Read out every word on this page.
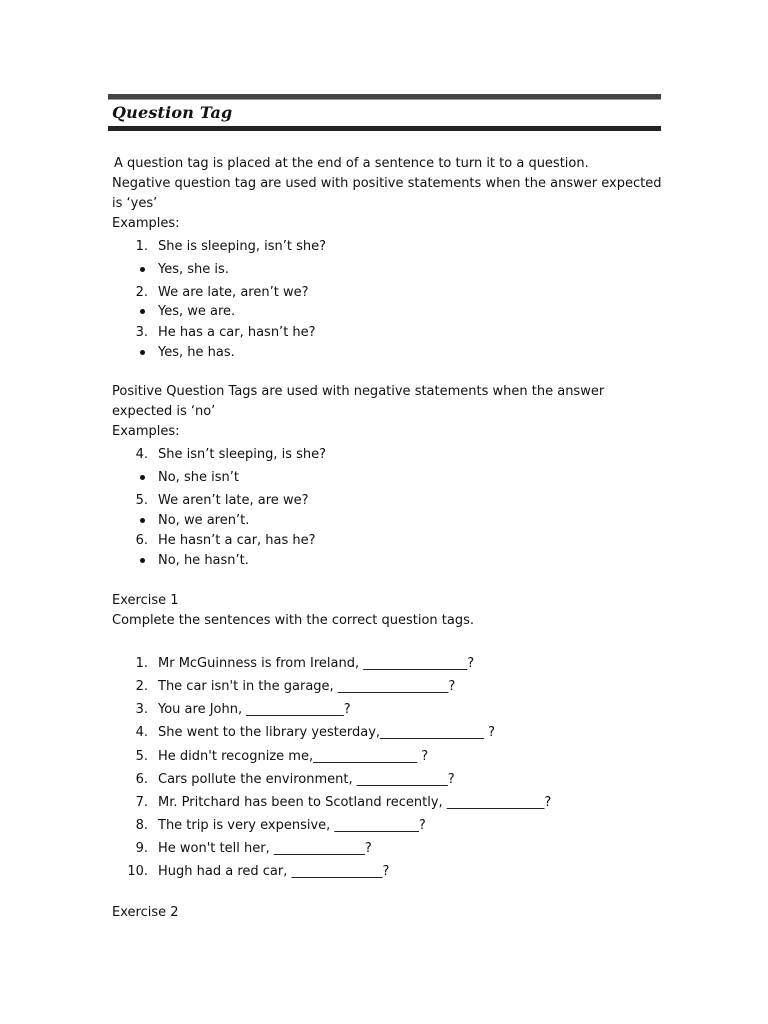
Question Tag
A question tag is placed at the end of a sentence to turn it to a question.
Negative question tag are used with positive statements when the answer expected
is ‘yes’
Examples:
1. She is sleeping, isn’t she?
Yes, she is.
2. We are late, aren’t we?
Yes, we are.
3. He has a car, hasn’t he?
Yes, he has.
Positive Question Tags are used with negative statements when the answer
expected is ‘no’
Examples:
4. She isn’t sleeping, is she?
No, she isn’t
5. We aren’t late, are we?
No, we aren’t.
6. He hasn’t a car, has he?
No, he hasn’t.
Exercise 1
Complete the sentences with the correct question tags.
1. Mr McGuinness is from Ireland, ________________?
2. The car isn't in the garage, _________________?
3. You are John, _______________?
4. She went to the library yesterday,________________ ?
5. He didn't recognize me,________________ ?
6. Cars pollute the environment, ______________?
7. Mr. Pritchard has been to Scotland recently, _______________?
8. The trip is very expensive, _____________?
9. He won't tell her, ______________?
10. Hugh had a red car, ______________?
Exercise 2
